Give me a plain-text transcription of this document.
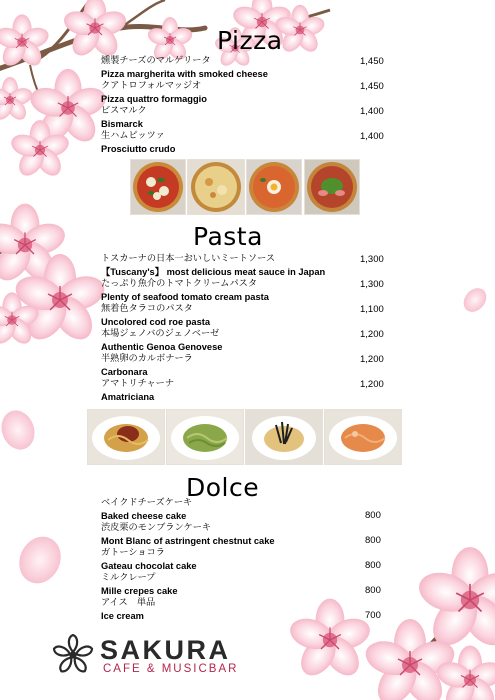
Pizza
燻製チーズのマルゲリータ
Pizza margherita with smoked cheese
1,450
クアトロフォルマッジオ
Pizza quattro formaggio
1,450
ビスマルク
Bismarck
1,400
生ハムピッツァ
Prosciutto crudo
1,400
Pasta
トスカーナの日本一おいしいミートソース
【Tuscany's】 most delicious meat sauce in Japan
1,300
たっぷり魚介のトマトクリームパスタ
Plenty of seafood tomato cream pasta
1,300
無着色タラコのパスタ
Uncolored cod roe pasta
1,100
本場ジェノバのジェノベーゼ
Authentic Genoa Genovese
1,200
半熟卵のカルボナーラ
Carbonara
1,200
アマトリチャーナ
Amatriciana
1,200
Dolce
ベイクドチーズケーキ
Baked cheese cake	800
渋皮栗のモンブランケーキ
Mont Blanc of astringent chestnut cake	800
ガトーショコラ
Gateau chocolat cake	800
ミルクレープ
Mille crepes cake	800
アイス　単品
Ice cream	700
SAKURA
CAFE & MUSICBAR
